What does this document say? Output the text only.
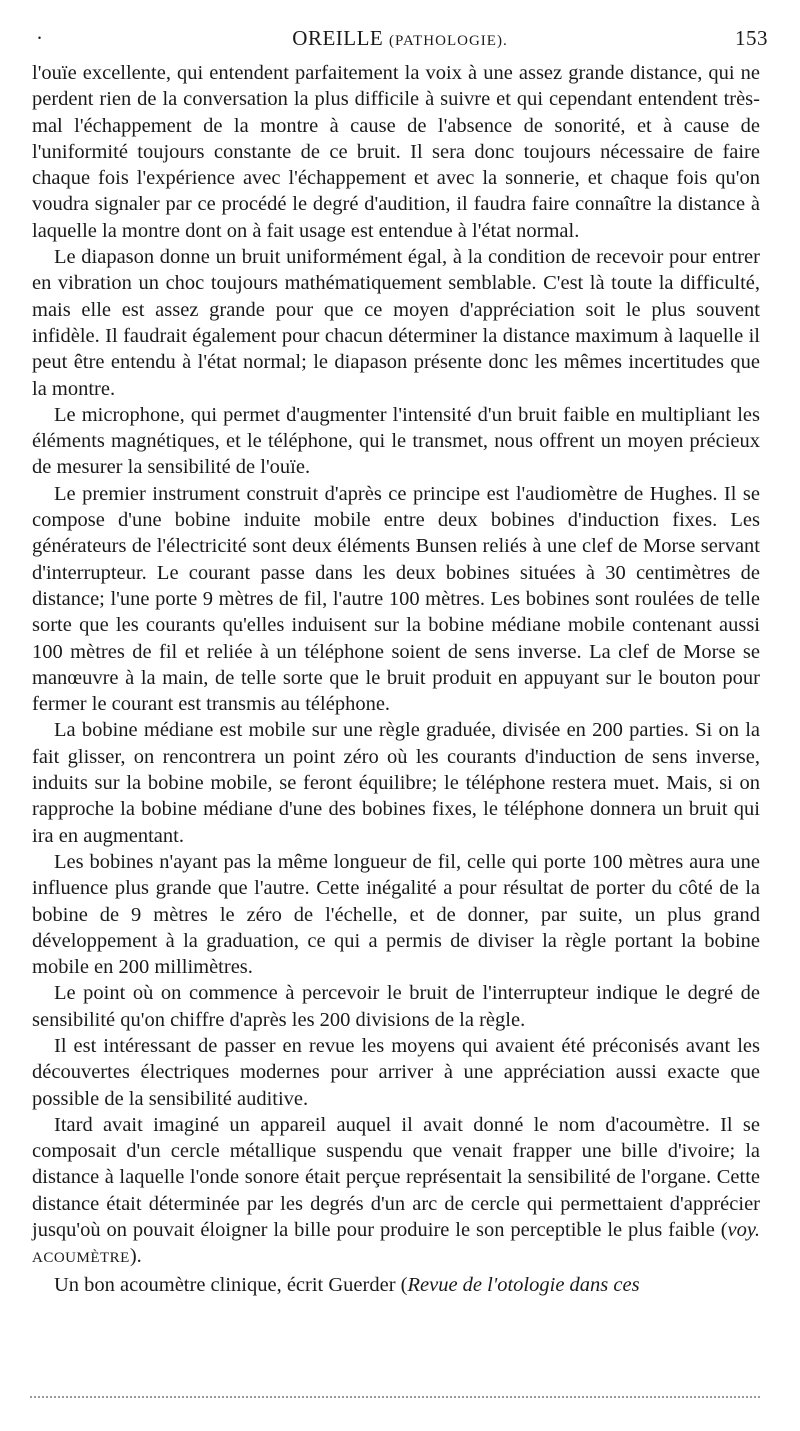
·	OREILLE (PATHOLOGIE).	153

l'ouïe excellente, qui entendent parfaitement la voix à une assez grande distance, qui ne perdent rien de la conversation la plus difficile à suivre et qui cependant entendent très-mal l'échappement de la montre à cause de l'absence de sonorité, et à cause de l'uniformité toujours constante de ce bruit. Il sera donc toujours nécessaire de faire chaque fois l'expérience avec l'échappement et avec la sonnerie, et chaque fois qu'on voudra signaler par ce procédé le degré d'audition, il faudra faire connaître la distance à laquelle la montre dont on à fait usage est entendue à l'état normal.

Le diapason donne un bruit uniformément égal, à la condition de recevoir pour entrer en vibration un choc toujours mathématiquement semblable. C'est là toute la difficulté, mais elle est assez grande pour que ce moyen d'appréciation soit le plus souvent infidèle. Il faudrait également pour chacun déterminer la distance maximum à laquelle il peut être entendu à l'état normal; le diapason présente donc les mêmes incertitudes que la montre.

Le microphone, qui permet d'augmenter l'intensité d'un bruit faible en multipliant les éléments magnétiques, et le téléphone, qui le transmet, nous offrent un moyen précieux de mesurer la sensibilité de l'ouïe.

Le premier instrument construit d'après ce principe est l'audiomètre de Hughes. Il se compose d'une bobine induite mobile entre deux bobines d'induction fixes. Les générateurs de l'électricité sont deux éléments Bunsen reliés à une clef de Morse servant d'interrupteur. Le courant passe dans les deux bobines situées à 30 centimètres de distance; l'une porte 9 mètres de fil, l'autre 100 mètres. Les bobines sont roulées de telle sorte que les courants qu'elles induisent sur la bobine médiane mobile contenant aussi 100 mètres de fil et reliée à un téléphone soient de sens inverse. La clef de Morse se manœuvre à la main, de telle sorte que le bruit produit en appuyant sur le bouton pour fermer le courant est transmis au téléphone.

La bobine médiane est mobile sur une règle graduée, divisée en 200 parties. Si on la fait glisser, on rencontrera un point zéro où les courants d'induction de sens inverse, induits sur la bobine mobile, se feront équilibre; le téléphone restera muet. Mais, si on rapproche la bobine médiane d'une des bobines fixes, le téléphone donnera un bruit qui ira en augmentant.

Les bobines n'ayant pas la même longueur de fil, celle qui porte 100 mètres aura une influence plus grande que l'autre. Cette inégalité a pour résultat de porter du côté de la bobine de 9 mètres le zéro de l'échelle, et de donner, par suite, un plus grand développement à la graduation, ce qui a permis de diviser la règle portant la bobine mobile en 200 millimètres.

Le point où on commence à percevoir le bruit de l'interrupteur indique le degré de sensibilité qu'on chiffre d'après les 200 divisions de la règle.

Il est intéressant de passer en revue les moyens qui avaient été préconisés avant les découvertes électriques modernes pour arriver à une appréciation aussi exacte que possible de la sensibilité auditive.

Itard avait imaginé un appareil auquel il avait donné le nom d'acoumètre. Il se composait d'un cercle métallique suspendu que venait frapper une bille d'ivoire; la distance à laquelle l'onde sonore était perçue représentait la sensibilité de l'organe. Cette distance était déterminée par les degrés d'un arc de cercle qui permettaient d'apprécier jusqu'où on pouvait éloigner la bille pour produire le son perceptible le plus faible (voy. ACOUMÈTRE).

Un bon acoumètre clinique, écrit Guerder (Revue de l'otologie dans ces
